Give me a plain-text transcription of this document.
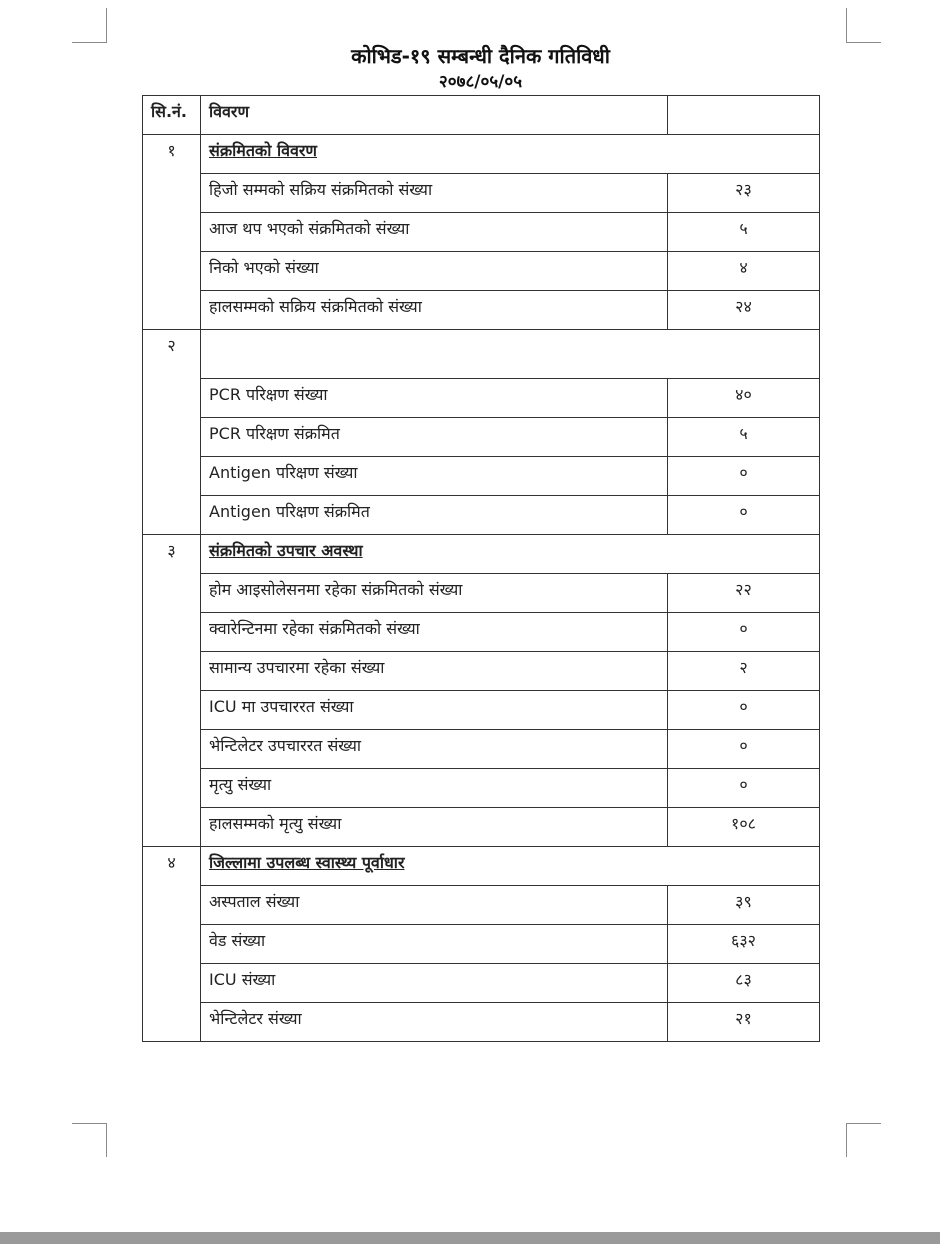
कोभिड-१९ सम्बन्धी दैनिक गतिविधी
२०७८/०५/०५
सि.नं.	विवरण	
१	संक्रमितको विवरण	
	हिजो सम्मको सक्रिय संक्रमितको संख्या	२३
	आज थप भएको संक्रमितको संख्या	५
	निको भएको संख्या	४
	हालसम्मको सक्रिय संक्रमितको संख्या	२४
२		
	PCR परिक्षण संख्या	४०
	PCR परिक्षण संक्रमित	५
	Antigen परिक्षण संख्या	०
	Antigen परिक्षण संक्रमित	०
३	संक्रमितको उपचार अवस्था	
	होम आइसोलेसनमा रहेका संक्रमितको संख्या	२२
	क्वारेन्टिनमा रहेका संक्रमितको संख्या	०
	सामान्य उपचारमा रहेका संख्या	२
	ICU मा उपचाररत संख्या	०
	भेन्टिलेटर उपचाररत संख्या	०
	मृत्यु संख्या	०
	हालसम्मको मृत्यु संख्या	१०८
४	जिल्लामा उपलब्ध स्वास्थ्य पूर्वाधार	
	अस्पताल संख्या	३९
	वेड संख्या	६३२
	ICU संख्या	८३
	भेन्टिलेटर संख्या	२१
